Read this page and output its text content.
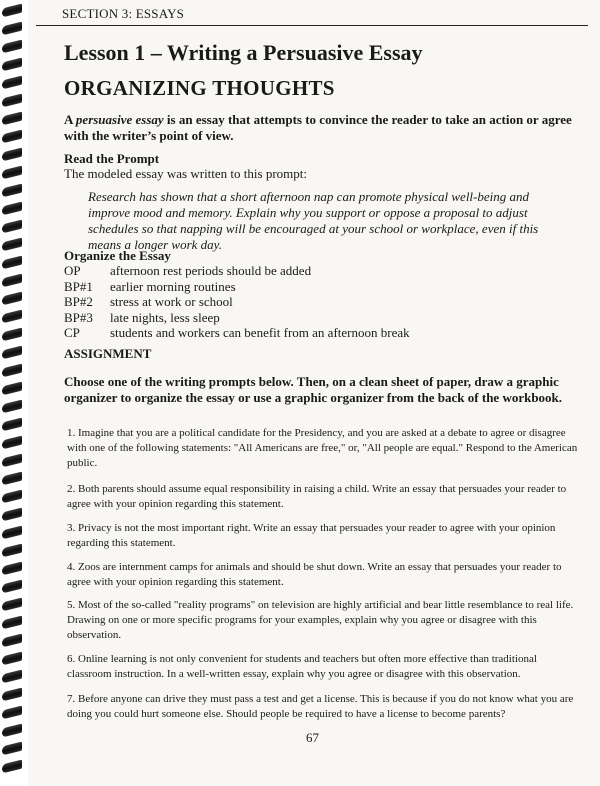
SECTION 3: ESSAYS
Lesson 1 – Writing a Persuasive Essay
ORGANIZING THOUGHTS
A persuasive essay is an essay that attempts to convince the reader to take an action or agree with the writer’s point of view.
Read the Prompt
The modeled essay was written to this prompt:
Research has shown that a short afternoon nap can promote physical well-being and improve mood and memory. Explain why you support or oppose a proposal to adjust schedules so that napping will be encouraged at your school or workplace, even if this means a longer work day.
Organize the Essay
OP	afternoon rest periods should be added
BP#1	earlier morning routines
BP#2	stress at work or school
BP#3	late nights, less sleep
CP	students and workers can benefit from an afternoon break
ASSIGNMENT
Choose one of the writing prompts below. Then, on a clean sheet of paper, draw a graphic organizer to organize the essay or use a graphic organizer from the back of the workbook.
1. Imagine that you are a political candidate for the Presidency, and you are asked at a debate to agree or disagree with one of the following statements: "All Americans are free," or, "All people are equal." Respond to the American public.
2. Both parents should assume equal responsibility in raising a child. Write an essay that persuades your reader to agree with your opinion regarding this statement.
3. Privacy is not the most important right. Write an essay that persuades your reader to agree with your opinion regarding this statement.
4. Zoos are internment camps for animals and should be shut down. Write an essay that persuades your reader to agree with your opinion regarding this statement.
5. Most of the so-called "reality programs" on television are highly artificial and bear little resemblance to real life. Drawing on one or more specific programs for your examples, explain why you agree or disagree with this observation.
6. Online learning is not only convenient for students and teachers but often more effective than traditional classroom instruction. In a well-written essay, explain why you agree or disagree with this observation.
7. Before anyone can drive they must pass a test and get a license. This is because if you do not know what you are doing you could hurt someone else. Should people be required to have a license to become parents?
67
